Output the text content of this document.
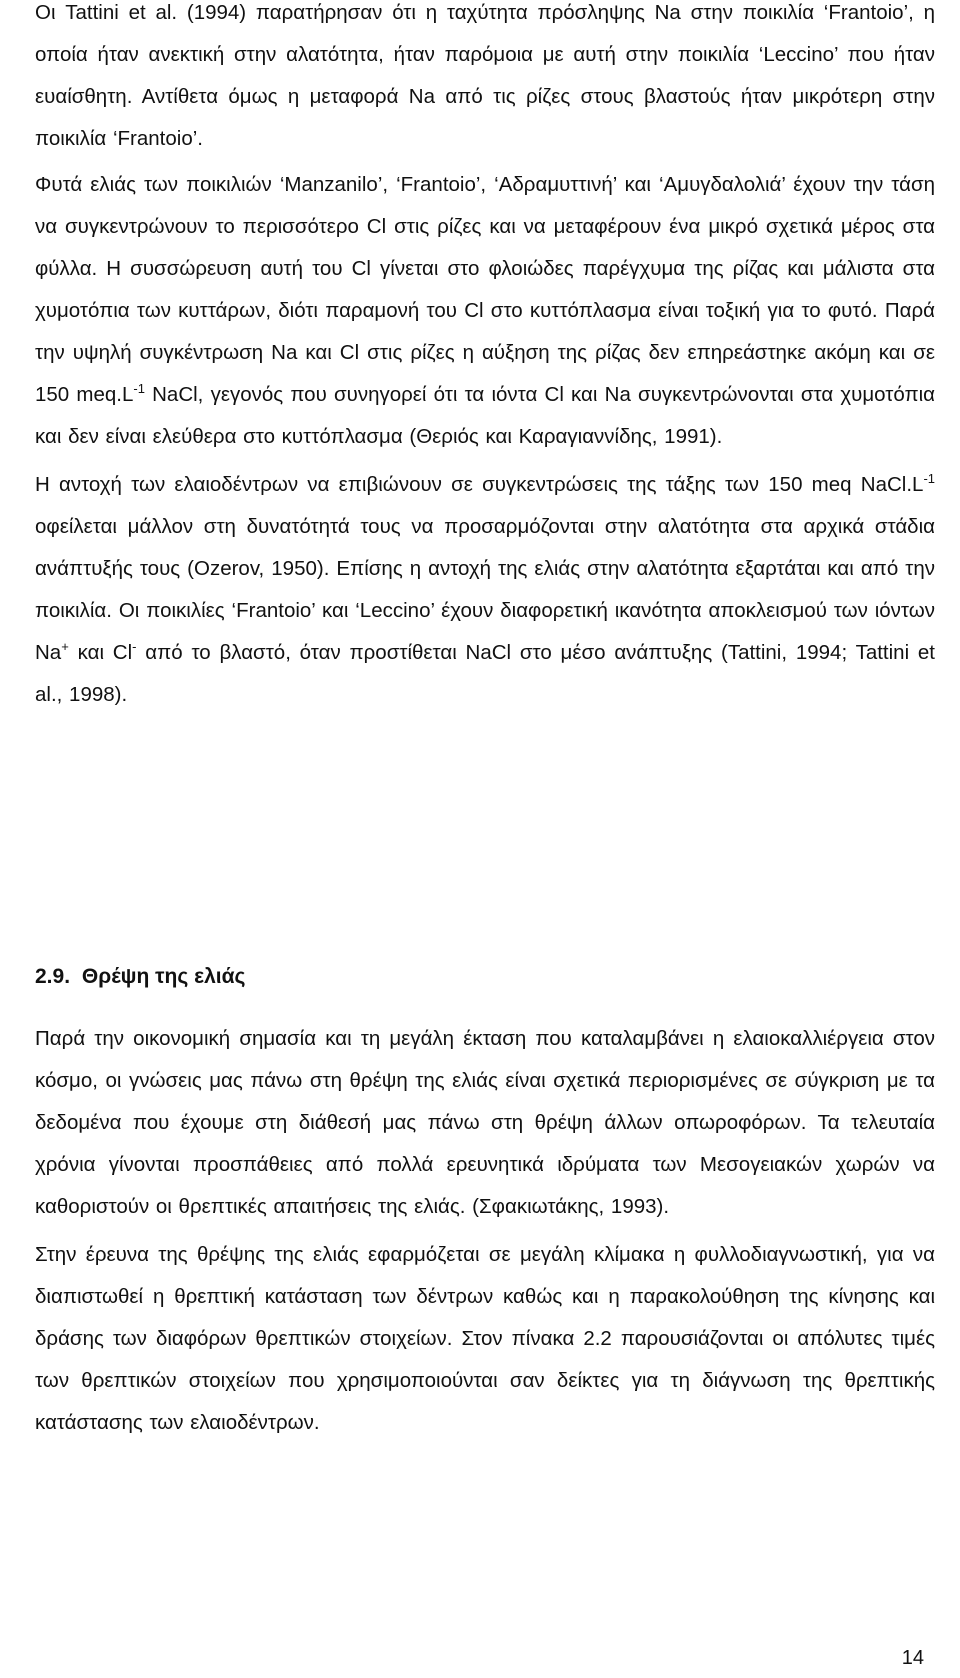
Οι Tattini et al. (1994) παρατήρησαν ότι η ταχύτητα πρόσληψης Na στην ποικιλία ‘Frantoio’, η οποία ήταν ανεκτική στην αλατότητα, ήταν παρόμοια με αυτή στην ποικιλία ‘Leccino’ που ήταν ευαίσθητη. Αντίθετα όμως η μεταφορά Na από τις ρίζες στους βλαστούς ήταν μικρότερη στην ποικιλία ‘Frantoio’.

Φυτά ελιάς των ποικιλιών ‘Manzanilo’, ‘Frantoio’, ‘Αδραμυττινή’ και ‘Αμυγδαλολιά’ έχουν την τάση να συγκεντρώνουν το περισσότερο Cl στις ρίζες και να μεταφέρουν ένα μικρό σχετικά μέρος στα φύλλα. Η συσσώρευση αυτή του Cl γίνεται στο φλοιώδες παρέγχυμα της ρίζας και μάλιστα στα χυμοτόπια των κυττάρων, διότι παραμονή του Cl στο κυττόπλασμα είναι τοξική για το φυτό. Παρά την υψηλή συγκέντρωση Na και Cl στις ρίζες η αύξηση της ρίζας δεν επηρεάστηκε ακόμη και σε 150 $meq.L^{-1}$ NaCl, γεγονός που συνηγορεί ότι τα ιόντα Cl και Na συγκεντρώνονται στα χυμοτόπια και δεν είναι ελεύθερα στο κυττόπλασμα (Θεριός και Καραγιαννίδης, 1991).

Η αντοχή των ελαιοδέντρων να επιβιώνουν σε συγκεντρώσεις της τάξης των 150 meq $NaCl.L^{-1}$ οφείλεται μάλλον στη δυνατότητά τους να προσαρμόζονται στην αλατότητα στα αρχικά στάδια ανάπτυξής τους (Ozerov, 1950). Επίσης η αντοχή της ελιάς στην αλατότητα εξαρτάται και από την ποικιλία. Οι ποικιλίες ‘Frantoio’ και ‘Leccino’ έχουν διαφορετική ικανότητα αποκλεισμού των ιόντων Na+ και Cl- από το βλαστό, όταν προστίθεται NaCl στο μέσο ανάπτυξης (Tattini, 1994; Tattini et al., 1998).

2.9. Θρέψη της ελιάς

Παρά την οικονομική σημασία και τη μεγάλη έκταση που καταλαμβάνει η ελαιοκαλλιέργεια στον κόσμο, οι γνώσεις μας πάνω στη θρέψη της ελιάς είναι σχετικά περιορισμένες σε σύγκριση με τα δεδομένα που έχουμε στη διάθεσή μας πάνω στη θρέψη άλλων οπωροφόρων. Τα τελευταία χρόνια γίνονται προσπάθειες από πολλά ερευνητικά ιδρύματα των Μεσογειακών χωρών να καθοριστούν οι θρεπτικές απαιτήσεις της ελιάς. (Σφακιωτάκης, 1993).

Στην έρευνα της θρέψης της ελιάς εφαρμόζεται σε μεγάλη κλίμακα η φυλλοδιαγνωστική, για να διαπιστωθεί η θρεπτική κατάσταση των δέντρων καθώς και η παρακολούθηση της κίνησης και δράσης των διαφόρων θρεπτικών στοιχείων. Στον πίνακα 2.2 παρουσιάζονται οι απόλυτες τιμές των θρεπτικών στοιχείων που χρησιμοποιούνται σαν δείκτες για τη διάγνωση της θρεπτικής κατάστασης των ελαιοδέντρων.

14
